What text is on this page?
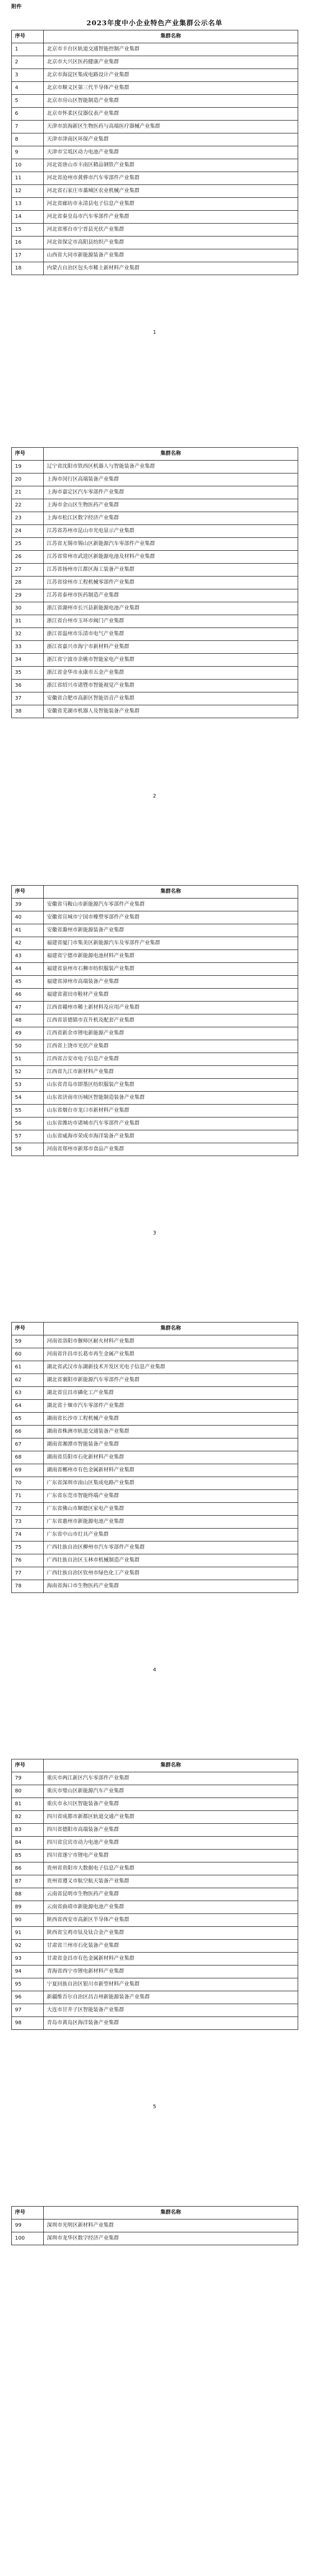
附件
2023年度中小企业特色产业集群公示名单
序号	集群名称
1	北京市丰台区轨道交通智能控制产业集群
2	北京市大兴区医药健康产业集群
3	北京市海淀区集成电路设计产业集群
4	北京市顺义区第三代半导体产业集群
5	北京市房山区智能制造产业集群
6	北京市怀柔区仪器仪表产业集群
7	天津市滨海新区生物医药与高端医疗器械产业集群
8	天津市津南区环保产业集群
9	天津市宝坻区动力电池产业集群
10	河北省唐山市丰南区精品钢铁产业集群
11	河北省沧州市黄骅市汽车零部件产业集群
12	河北省石家庄市藁城区农业机械产业集群
13	河北省廊坊市永清县电子信息产业集群
14	河北省秦皇岛市汽车零部件产业集群
15	河北省邢台市宁晋县光伏产业集群
16	河北省保定市高阳县纺织产业集群
17	山西省大同市新能源装备产业集群
18	内蒙古自治区包头市稀土新材料产业集群
1
序号	集群名称
19	辽宁省沈阳市铁西区机器人与智能装备产业集群
20	上海市闵行区高端装备产业集群
21	上海市嘉定区汽车零部件产业集群
22	上海市金山区生物医药产业集群
23	上海市松江区数字经济产业集群
24	江苏省苏州市昆山市光电显示产业集群
25	江苏省无锡市锡山区新能源汽车零部件产业集群
26	江苏省常州市武进区新能源电池及材料产业集群
27	江苏省扬州市江都区海工装备产业集群
28	江苏省徐州市工程机械零部件产业集群
29	江苏省泰州市医药制造产业集群
30	浙江省湖州市长兴县新能源电池产业集群
31	浙江省台州市玉环市阀门产业集群
32	浙江省温州市乐清市电气产业集群
33	浙江省嘉兴市海宁市新材料产业集群
34	浙江省宁波市余姚市智能家电产业集群
35	浙江省金华市永康市五金产业集群
36	浙江省绍兴市诸暨市智能视觉产业集群
37	安徽省合肥市高新区智能语音产业集群
38	安徽省芜湖市机器人及智能装备产业集群
2
序号	集群名称
39	安徽省马鞍山市新能源汽车零部件产业集群
40	安徽省宣城市宁国市橡塑零部件产业集群
41	安徽省滁州市新能源装备产业集群
42	福建省厦门市集美区新能源汽车及零部件产业集群
43	福建省宁德市新能源电池材料产业集群
44	福建省泉州市石狮市纺织服装产业集群
45	福建省漳州市高端装备产业集群
46	福建省莆田市鞋材产业集群
47	江西省赣州市稀土新材料及应用产业集群
48	江西省景德镇市直升机及配套产业集群
49	江西省新余市锂电新能源产业集群
50	江西省上饶市光伏产业集群
51	江西省吉安市电子信息产业集群
52	江西省九江市新材料产业集群
53	山东省青岛市即墨区纺织服装产业集群
54	山东省济南市历城区智能制造装备产业集群
55	山东省烟台市龙口市新材料产业集群
56	山东省潍坊市诸城市汽车零部件产业集群
57	山东省威海市荣成市海洋装备产业集群
58	河南省郑州市新郑市食品产业集群
3
序号	集群名称
59	河南省洛阳市偃师区耐火材料产业集群
60	河南省许昌市长葛市再生金属产业集群
61	湖北省武汉市东湖新技术开发区光电子信息产业集群
62	湖北省襄阳市新能源汽车零部件产业集群
63	湖北省宜昌市磷化工产业集群
64	湖北省十堰市汽车零部件产业集群
65	湖南省长沙市工程机械产业集群
66	湖南省株洲市轨道交通装备产业集群
67	湖南省湘潭市智能装备产业集群
68	湖南省岳阳市石化新材料产业集群
69	湖南省郴州市有色金属新材料产业集群
70	广东省深圳市南山区集成电路产业集群
71	广东省东莞市智能终端产业集群
72	广东省佛山市顺德区家电产业集群
73	广东省惠州市新能源电池产业集群
74	广东省中山市灯具产业集群
75	广西壮族自治区柳州市汽车零部件产业集群
76	广西壮族自治区玉林市机械制造产业集群
77	广西壮族自治区钦州市绿色化工产业集群
78	海南省海口市生物医药产业集群
4
序号	集群名称
79	重庆市两江新区汽车零部件产业集群
80	重庆市璧山区新能源汽车产业集群
81	重庆市永川区智能装备产业集群
82	四川省成都市新都区轨道交通产业集群
83	四川省德阳市高端装备产业集群
84	四川省宜宾市动力电池产业集群
85	四川省遂宁市锂电产业集群
86	贵州省贵阳市大数据电子信息产业集群
87	贵州省遵义市航空航天装备产业集群
88	云南省昆明市生物医药产业集群
89	云南省曲靖市新能源电池产业集群
90	陕西省西安市高新区半导体产业集群
91	陕西省宝鸡市钛及钛合金产业集群
92	甘肃省兰州市石化装备产业集群
93	甘肃省金昌市有色金属新材料产业集群
94	青海省西宁市锂电新材料产业集群
95	宁夏回族自治区银川市新型材料产业集群
96	新疆维吾尔自治区昌吉州新能源装备产业集群
97	大连市甘井子区智能装备产业集群
98	青岛市黄岛区海洋装备产业集群
5
序号	集群名称
99	深圳市光明区新材料产业集群
100	深圳市龙华区数字经济产业集群
